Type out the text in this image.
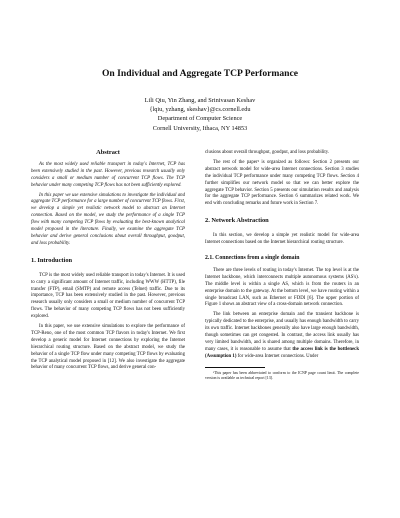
On Individual and Aggregate TCP Performance
Lili Qiu, Yin Zhang, and Srinivasan Keshav
{lqiu, yzhang, skeshav}@cs.cornell.edu
Department of Computer Science
Cornell University, Ithaca, NY 14853
Abstract

As the most widely used reliable transport in today's Internet, TCP has been extensively studied in the past. However, previous research usually only considers a small or medium number of concurrent TCP flows. The TCP behavior under many competing TCP flows has not been sufficiently explored.

In this paper we use extensive simulations to investigate the individual and aggregate TCP performance for a large number of concurrent TCP flows. First, we develop a simple yet realistic network model to abstract an Internet connection. Based on the model, we study the performance of a single TCP flow with many competing TCP flows by evaluating the best-known analytical model proposed in the literature. Finally, we examine the aggregate TCP behavior and derive general conclusions about overall throughput, goodput, and loss probability.

1. Introduction

TCP is the most widely used reliable transport in today's Internet. It is used to carry a significant amount of Internet traffic, including WWW (HTTP), file transfer (FTP), email (SMTP) and remote access (Telnet) traffic. Due to its importance, TCP has been extensively studied in the past. However, previous research usually only considers a small or medium number of concurrent TCP flows. The behavior of many competing TCP flows has not been sufficiently explored.

In this paper, we use extensive simulations to explore the performance of TCP-Reno, one of the most common TCP flavors in today's Internet. We first develop a generic model for Internet connections by exploring the Internet hierarchical routing structure. Based on the abstract model, we study the behavior of a single TCP flow under many competing TCP flows by evaluating the TCP analytical model proposed in [12]. We also investigate the aggregate behavior of many concurrent TCP flows, and derive general con-

clusions about overall throughput, goodput, and loss probability.

The rest of the paper¹ is organized as follows: Section 2 presents our abstract network model for wide-area Internet connections. Section 3 studies the individual TCP performance under many competing TCP flows. Section 4 further simplifies our network model so that we can better explore the aggregate TCP behavior. Section 5 presents our simulation results and analysis for the aggregate TCP performance. Section 6 summarizes related work. We end with concluding remarks and future work in Section 7.

2. Network Abstraction

In this section, we develop a simple yet realistic model for wide-area Internet connections based on the Internet hierarchical routing structure.

2.1. Connections from a single domain

There are three levels of routing in today's Internet. The top level is at the Internet backbone, which interconnects multiple autonomous systems (AS's). The middle level is within a single AS, which is from the routers in an enterprise domain to the gateway. At the bottom level, we have routing within a single broadcast LAN, such as Ethernet or FDDI [6]. The upper portion of Figure 1 shows an abstract view of a cross-domain network connection.

The link between an enterprise domain and the transient backbone is typically dedicated to the enterprise, and usually has enough bandwidth to carry its own traffic. Internet backbones generally also have large enough bandwidth, though sometimes can get congested. In contrast, the access link usually has very limited bandwidth, and is shared among multiple domains. Therefore, in many cases, it is reasonable to assume that the access link is the bottleneck (Assumption 1) for wide-area Internet connections. Under

¹This paper has been abbreviated to conform to the ICNP page count limit. The complete version is available as technical report [13].
